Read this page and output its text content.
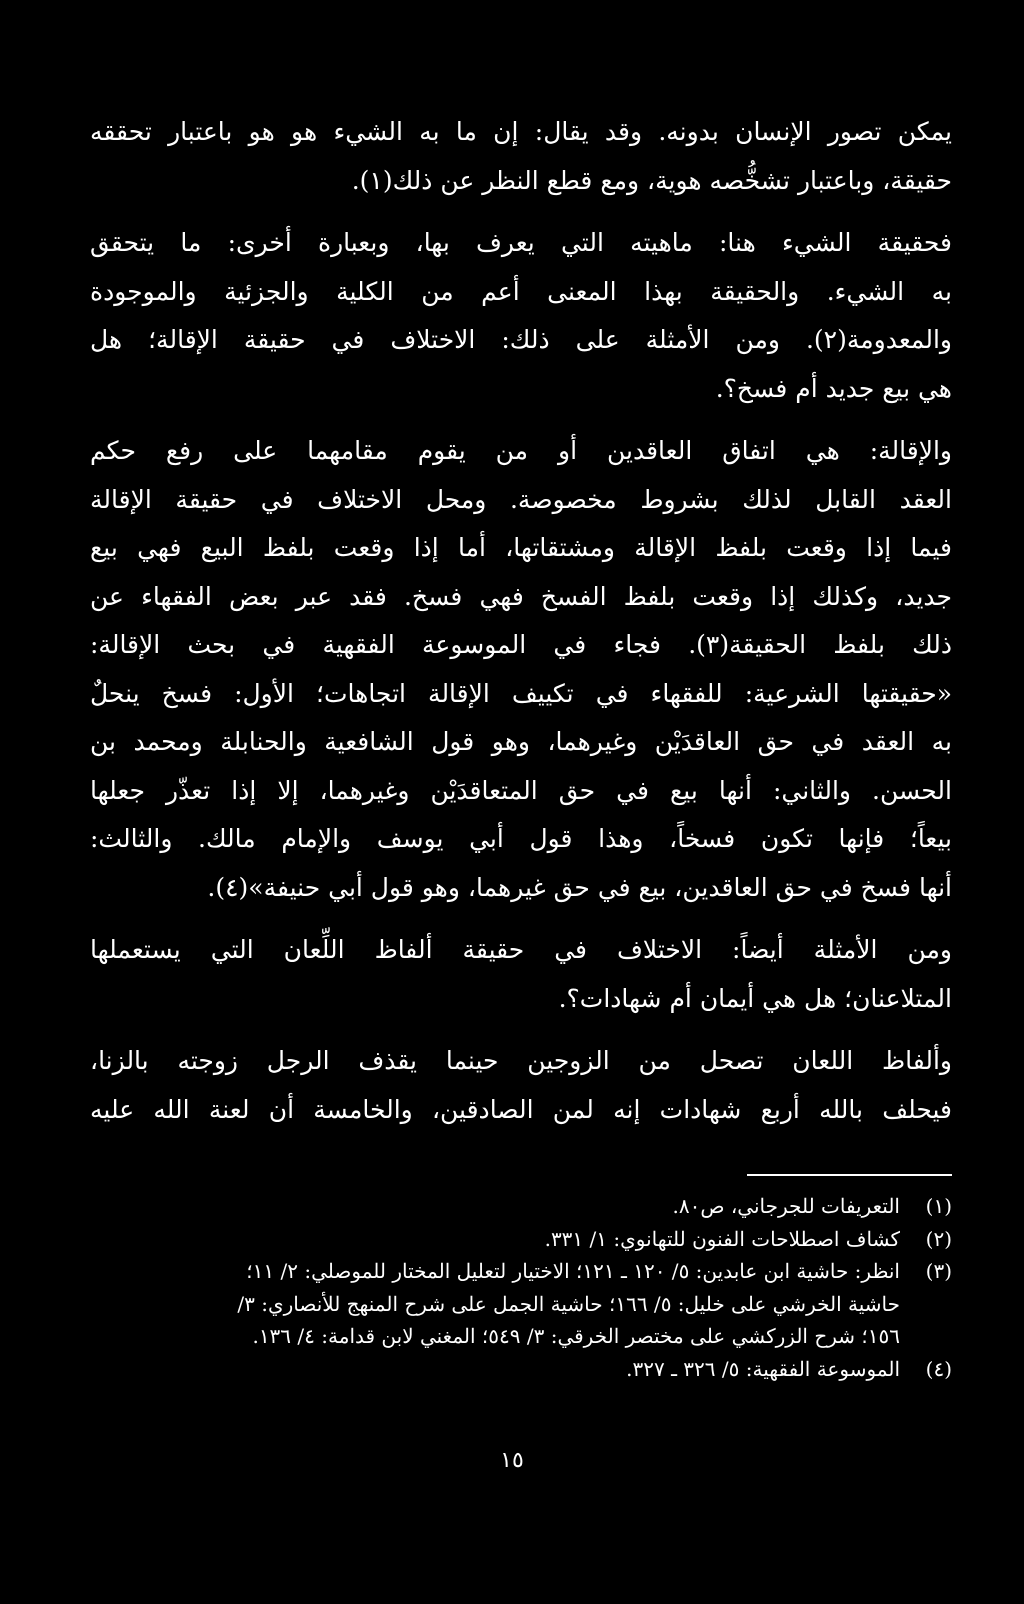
يمكن تصور الإنسان بدونه. وقد يقال: إن ما به الشيء هو هو باعتبار تحققه
حقيقة، وباعتبار تشخُّصه هوية، ومع قطع النظر عن ذلك(١).
فحقيقة الشيء هنا: ماهيته التي يعرف بها، وبعبارة أخرى: ما يتحقق
به الشيء. والحقيقة بهذا المعنى أعم من الكلية والجزئية والموجودة
والمعدومة(٢). ومن الأمثلة على ذلك: الاختلاف في حقيقة الإقالة؛ هل
هي بيع جديد أم فسخ؟.
والإقالة: هي اتفاق العاقدين أو من يقوم مقامهما على رفع حكم
العقد القابل لذلك بشروط مخصوصة. ومحل الاختلاف في حقيقة الإقالة
فيما إذا وقعت بلفظ الإقالة ومشتقاتها، أما إذا وقعت بلفظ البيع فهي بيع
جديد، وكذلك إذا وقعت بلفظ الفسخ فهي فسخ. فقد عبر بعض الفقهاء عن
ذلك بلفظ الحقيقة(٣). فجاء في الموسوعة الفقهية في بحث الإقالة:
«حقيقتها الشرعية: للفقهاء في تكييف الإقالة اتجاهات؛ الأول: فسخ ينحلٌ
به العقد في حق العاقدَيْن وغيرهما، وهو قول الشافعية والحنابلة ومحمد بن
الحسن. والثاني: أنها بيع في حق المتعاقدَيْن وغيرهما، إلا إذا تعذّر جعلها
بيعاً؛ فإنها تكون فسخاً، وهذا قول أبي يوسف والإمام مالك. والثالث:
أنها فسخ في حق العاقدين، بيع في حق غيرهما، وهو قول أبي حنيفة»(٤).
ومن الأمثلة أيضاً: الاختلاف في حقيقة ألفاظ اللِّعان التي يستعملها
المتلاعنان؛ هل هي أيمان أم شهادات؟.
وألفاظ اللعان تصحل من الزوجين حينما يقذف الرجل زوجته بالزنا،
فيحلف بالله أربع شهادات إنه لمن الصادقين، والخامسة أن لعنة الله عليه
(١)
التعريفات للجرجاني، ص٨٠.
(٢)
كشاف اصطلاحات الفنون للتهانوي: ١/ ٣٣١.
(٣)
انظر: حاشية ابن عابدين: ٥/ ١٢٠ ـ ١٢١؛ الاختيار لتعليل المختار للموصلي: ٢/ ١١؛
حاشية الخرشي على خليل: ٥/ ١٦٦؛ حاشية الجمل على شرح المنهج للأنصاري: ٣/
١٥٦؛ شرح الزركشي على مختصر الخرقي: ٣/ ٥٤٩؛ المغني لابن قدامة: ٤/ ١٣٦.
(٤)
الموسوعة الفقهية: ٥/ ٣٢٦ ـ ٣٢٧.
١٥
